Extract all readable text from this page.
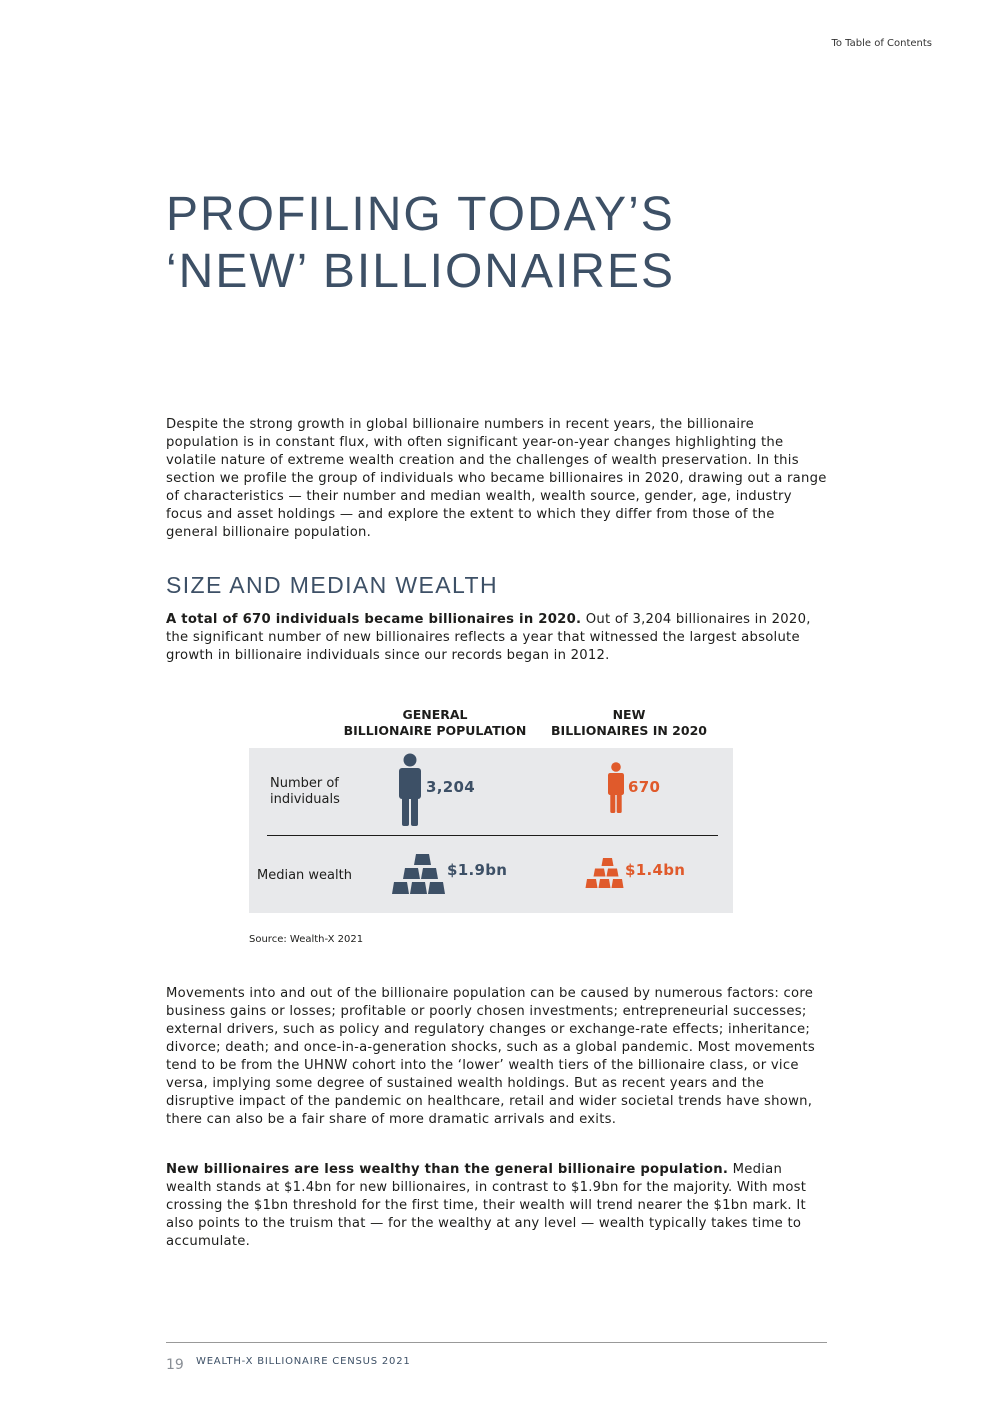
To Table of Contents
PROFILING TODAY’S
‘NEW’ BILLIONAIRES

Despite the strong growth in global billionaire numbers in recent years, the billionaire population is in constant flux, with often significant year-on-year changes highlighting the volatile nature of extreme wealth creation and the challenges of wealth preservation. In this section we profile the group of individuals who became billionaires in 2020, drawing out a range of characteristics — their number and median wealth, wealth source, gender, age, industry focus and asset holdings — and explore the extent to which they differ from those of the general billionaire population.

SIZE AND MEDIAN WEALTH

A total of 670 individuals became billionaires in 2020. Out of 3,204 billionaires in 2020, the significant number of new billionaires reflects a year that witnessed the largest absolute growth in billionaire individuals since our records began in 2012.

GENERAL
BILLIONAIRE POPULATION
NEW
BILLIONAIRES IN 2020
Number of
individuals
3,204	670
Median wealth	$1.9bn	$1.4bn
Source: Wealth-X 2021

Movements into and out of the billionaire population can be caused by numerous factors: core business gains or losses; profitable or poorly chosen investments; entrepreneurial successes; external drivers, such as policy and regulatory changes or exchange-rate effects; inheritance; divorce; death; and once-in-a-generation shocks, such as a global pandemic. Most movements tend to be from the UHNW cohort into the ‘lower’ wealth tiers of the billionaire class, or vice versa, implying some degree of sustained wealth holdings. But as recent years and the disruptive impact of the pandemic on healthcare, retail and wider societal trends have shown, there can also be a fair share of more dramatic arrivals and exits.

New billionaires are less wealthy than the general billionaire population. Median wealth stands at $1.4bn for new billionaires, in contrast to $1.9bn for the majority. With most crossing the $1bn threshold for the first time, their wealth will trend nearer the $1bn mark. It also points to the truism that — for the wealthy at any level — wealth typically takes time to accumulate.

19 WEALTH-X BILLIONAIRE CENSUS 2021
